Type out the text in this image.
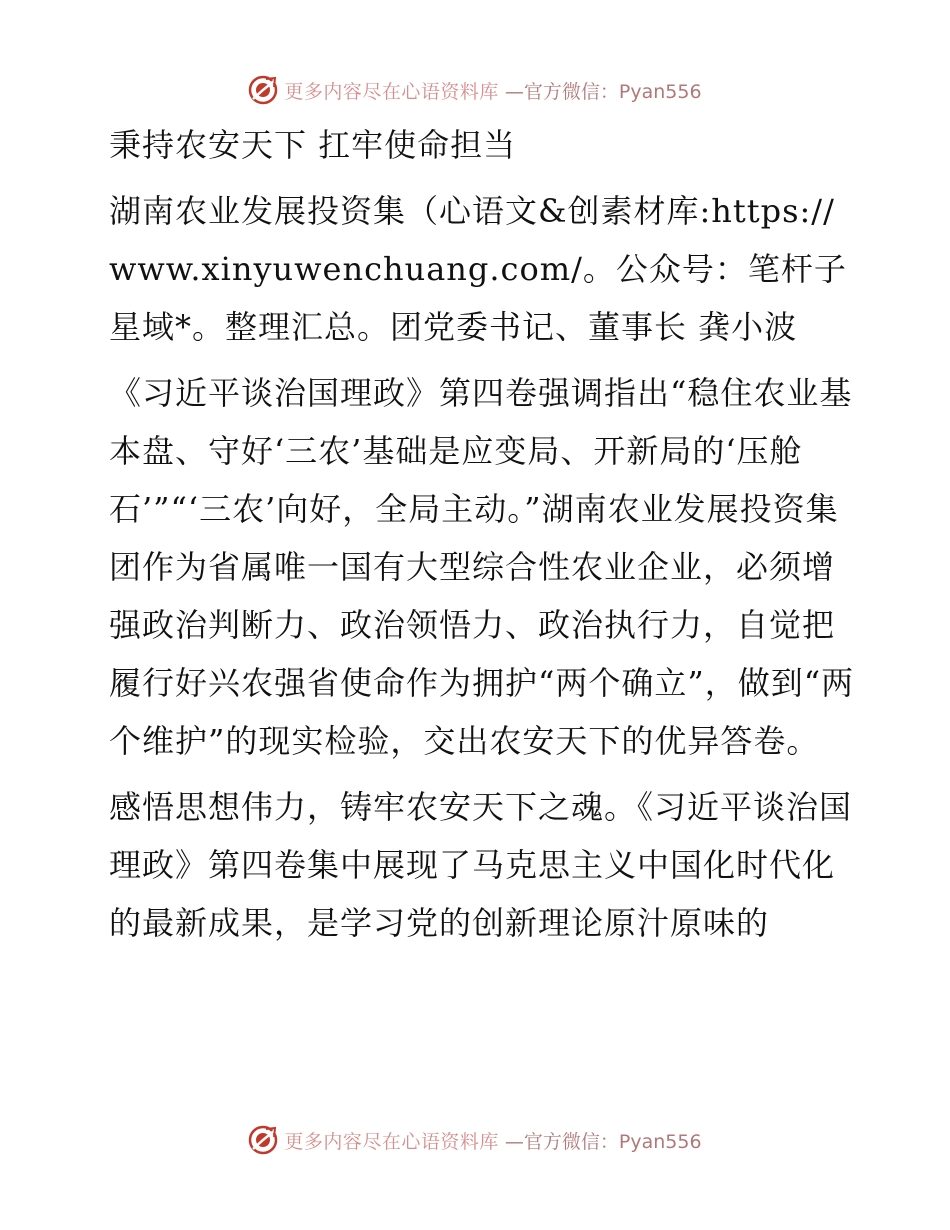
更多内容尽在心语资料库 —官方微信：Pyan556

秉持农安天下 扛牢使命担当

湖南农业发展投资集（心语文&创素材库:https://www.xinyuwenchuang.com/。公众号：笔杆子星域*。整理汇总。团党委书记、董事长 龚小波

《习近平谈治国理政》第四卷强调指出“稳住农业基本盘、守好‘三农’基础是应变局、开新局的‘压舱石’”“‘三农’向好，全局主动。”湖南农业发展投资集团作为省属唯一国有大型综合性农业企业，必须增强政治判断力、政治领悟力、政治执行力，自觉把履行好兴农强省使命作为拥护“两个确立”，做到“两个维护”的现实检验，交出农安天下的优异答卷。

感悟思想伟力，铸牢农安天下之魂。《习近平谈治国理政》第四卷集中展现了马克思主义中国化时代化的最新成果，是学习党的创新理论原汁原味的

更多内容尽在心语资料库 —官方微信：Pyan556
